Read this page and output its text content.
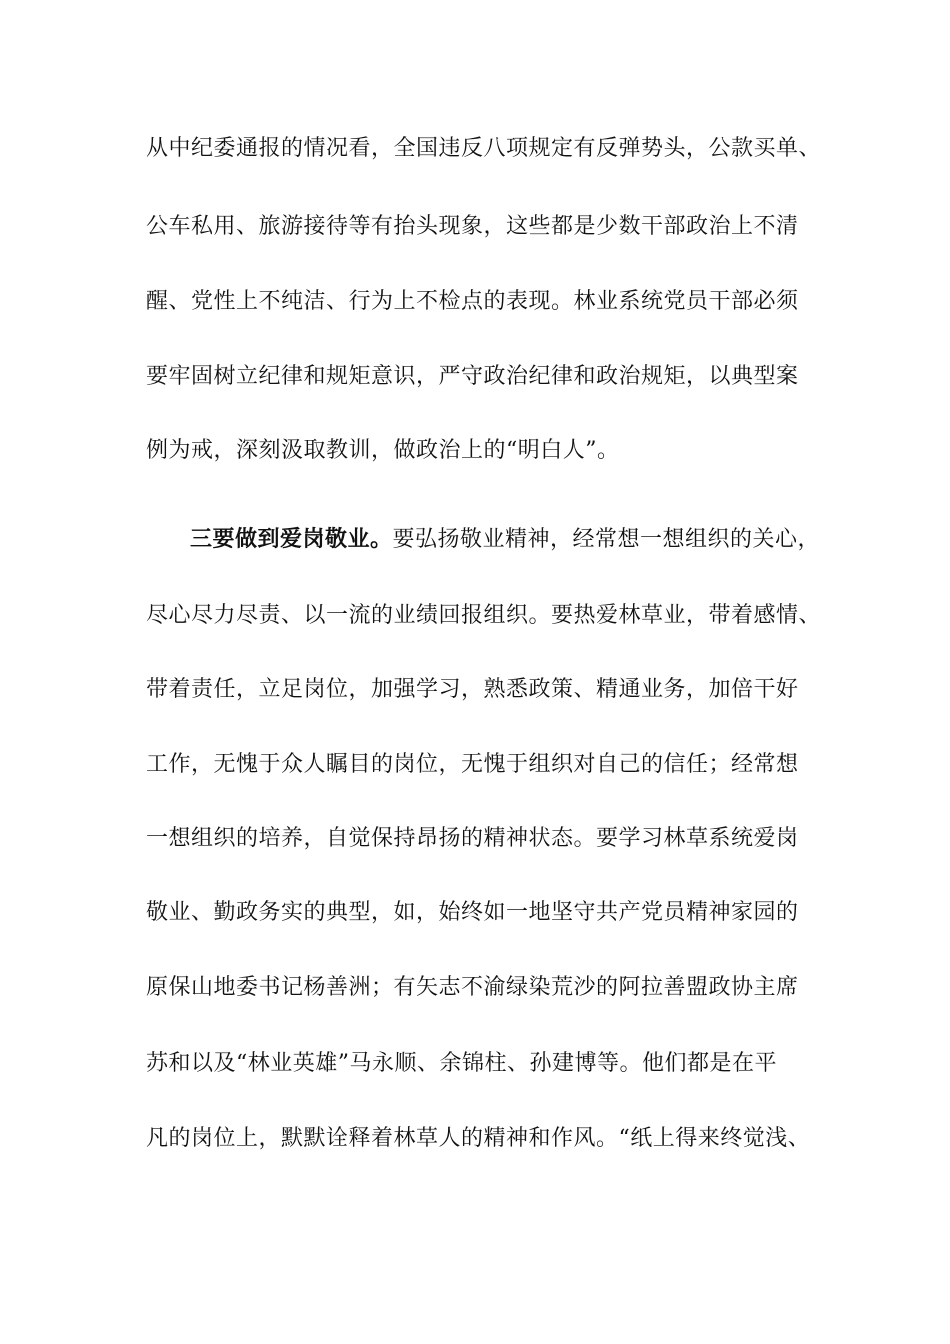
从中纪委通报的情况看，全国违反八项规定有反弹势头，公款买单、
公车私用、旅游接待等有抬头现象，这些都是少数干部政治上不清
醒、党性上不纯洁、行为上不检点的表现。林业系统党员干部必须
要牢固树立纪律和规矩意识，严守政治纪律和政治规矩，以典型案
例为戒，深刻汲取教训，做政治上的“明白人”。
三要做到爱岗敬业。要弘扬敬业精神，经常想一想组织的关心，
尽心尽力尽责、以一流的业绩回报组织。要热爱林草业，带着感情、
带着责任，立足岗位，加强学习，熟悉政策、精通业务，加倍干好
工作，无愧于众人瞩目的岗位，无愧于组织对自己的信任；经常想
一想组织的培养，自觉保持昂扬的精神状态。要学习林草系统爱岗
敬业、勤政务实的典型，如，始终如一地坚守共产党员精神家园的
原保山地委书记杨善洲；有矢志不渝绿染荒沙的阿拉善盟政协主席
苏和以及“林业英雄”马永顺、余锦柱、孙建博等。他们都是在平
凡的岗位上，默默诠释着林草人的精神和作风。“纸上得来终觉浅、
